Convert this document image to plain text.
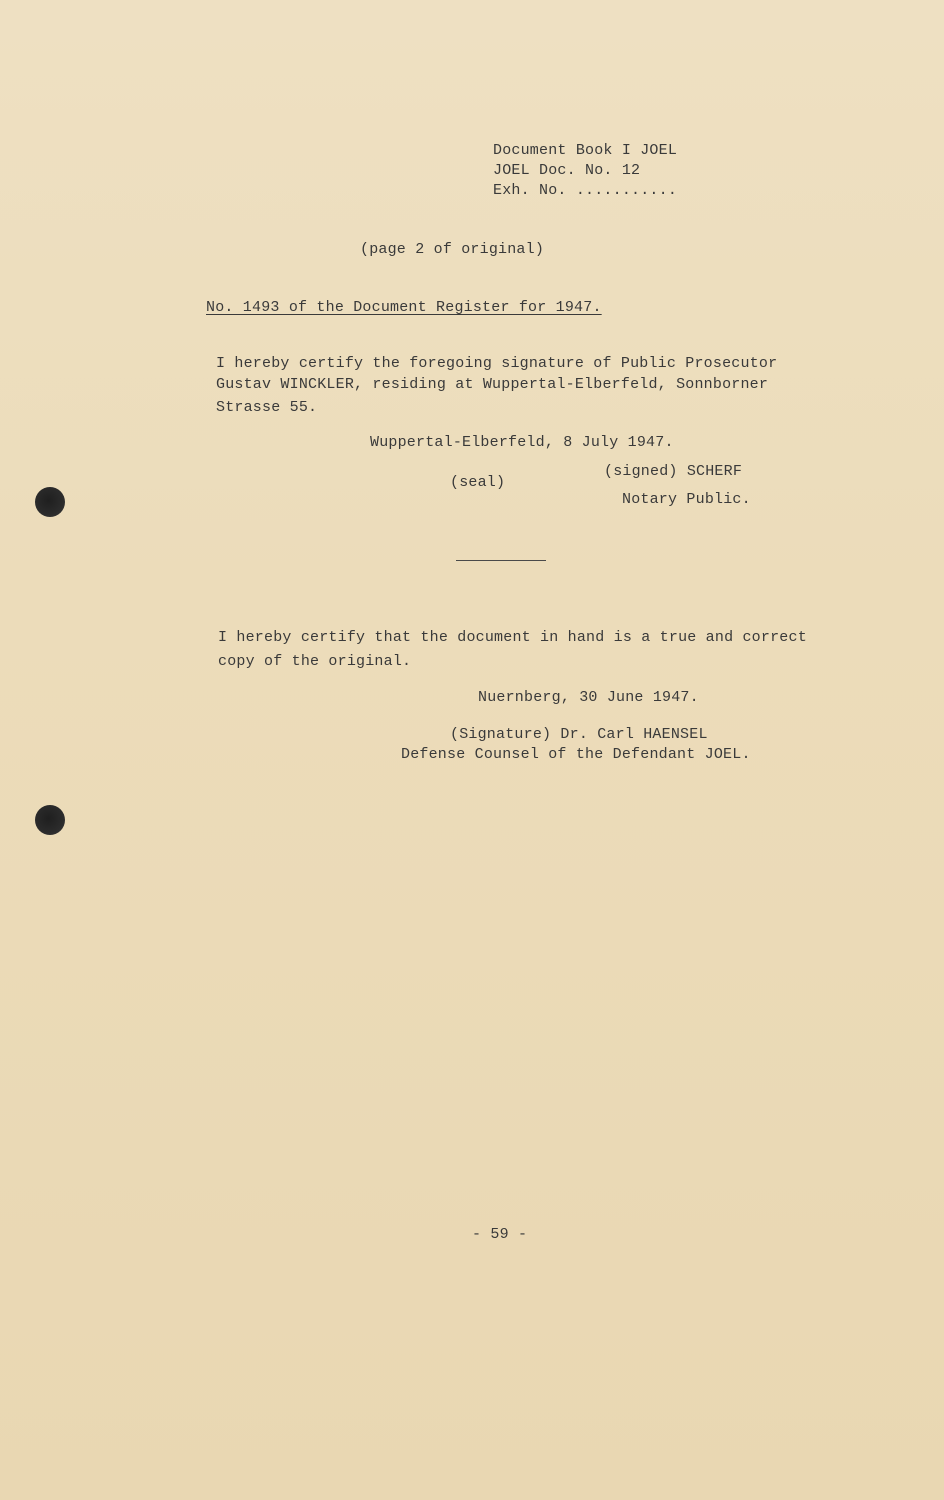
Document Book I JOEL
JOEL Doc. No. 12
Exh. No. ...........
(page 2 of original)
No. 1493 of the Document Register for 1947.
I hereby certify the foregoing signature of Public Prosecutor
Gustav WINCKLER, residing at Wuppertal-Elberfeld, Sonnborner
Strasse 55.
Wuppertal-Elberfeld, 8 July 1947.
(seal)
(signed) SCHERF
Notary Public.
I hereby certify that the document in hand is a true and correct
copy of the original.
Nuernberg, 30 June 1947.
(Signature) Dr. Carl HAENSEL
Defense Counsel of the Defendant JOEL.
- 59 -
